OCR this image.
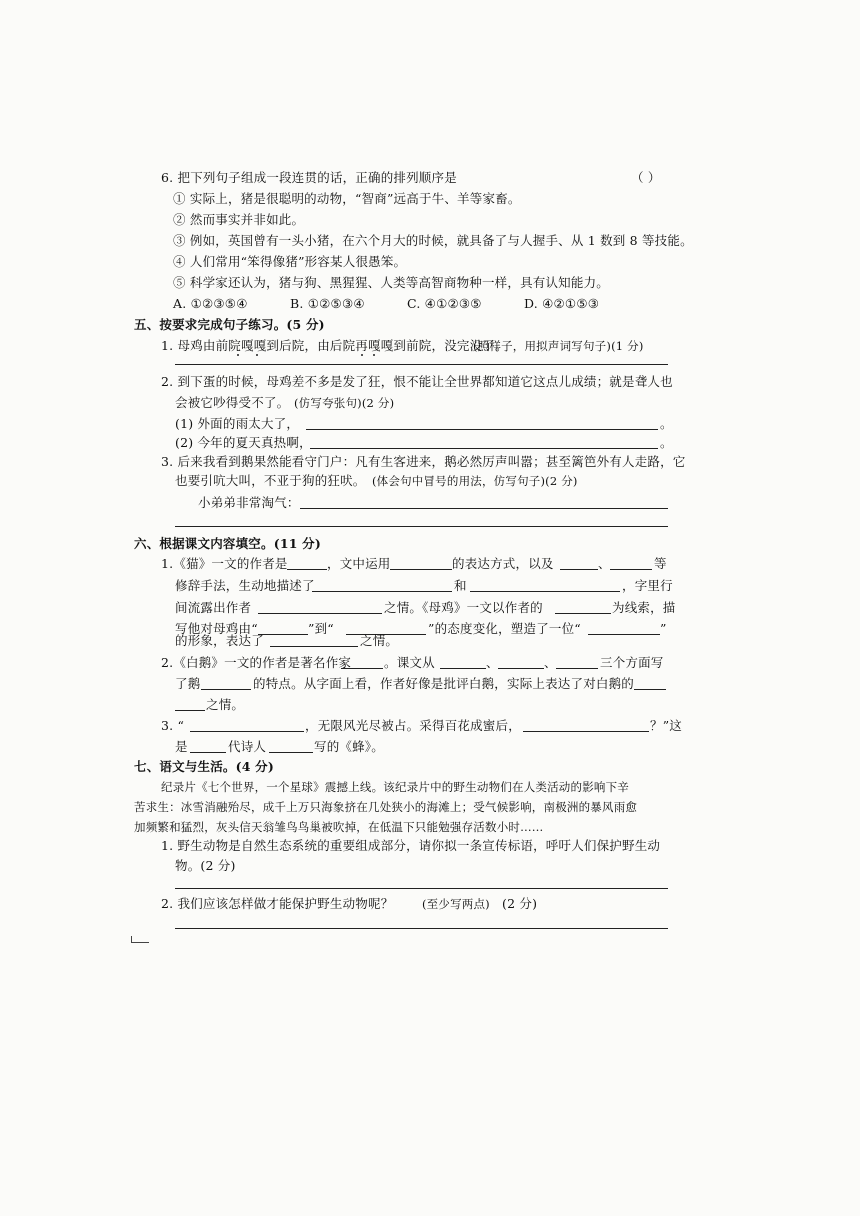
6. 把下列句子组成一段连贯的话，正确的排列顺序是	（ ）
① 实际上，猪是很聪明的动物，“智商”远高于牛、羊等家畜。
② 然而事实并非如此。
③ 例如，英国曾有一头小猪，在六个月大的时候，就具备了与人握手、从 1 数到 8 等技能。
④ 人们常用“笨得像猪”形容某人很愚笨。
⑤ 科学家还认为，猪与狗、黑猩猩、人类等高智商物种一样，具有认知能力。
A. ①②③⑤④	B. ①②⑤③④	C. ④①②③⑤	D. ④②①⑤③
五、按要求完成句子练习。(5 分)
1. 母鸡由前院嘎嘎到后院，由后院再嘎嘎到前院，没完没了。
(照样子，用拟声词写句子)(1 分)
2. 到下蛋的时候，母鸡差不多是发了狂，恨不能让全世界都知道它这点儿成绩；就是聋人也
会被它吵得受不了。 (仿写夸张句)(2 分)
(1) 外面的雨太大了，	。
(2) 今年的夏天真热啊，	。
3. 后来我看到鹅果然能看守门户：凡有生客进来，鹅必然厉声叫嚣；甚至篱笆外有人走路，它
也要引吭大叫，不亚于狗的狂吠。 (体会句中冒号的用法，仿写句子)(2 分)
小弟弟非常淘气：
六、根据课文内容填空。(11 分)
1.《猫》一文的作者是	，文中运用	的表达方式，以及	、	等
修辞手法，生动地描述了	和	，字里行
间流露出作者	之情。《母鸡》一文以作者的	为线索，描
写他对母鸡由“	”到“	”的态度变化，塑造了一位“	”
的形象，表达了	之情。
2.《白鹅》一文的作者是著名作家	。课文从	、	、	三个方面写
了鹅	的特点。从字面上看，作者好像是批评白鹅，实际上表达了对白鹅的
之情。
3. “	，无限风光尽被占。采得百花成蜜后，	？”这
是	代诗人	写的《蜂》。
七、语文与生活。(4 分)
纪录片《七个世界，一个星球》震撼上线。该纪录片中的野生动物们在人类活动的影响下辛
苦求生：冰雪消融殆尽，成千上万只海象挤在几处狭小的海滩上；受气候影响，南极洲的暴风雨愈
加频繁和猛烈，灰头信天翁雏鸟鸟巢被吹掉，在低温下只能勉强存活数小时……
1. 野生动物是自然生态系统的重要组成部分，请你拟一条宣传标语，呼吁人们保护野生动
物。(2 分)
2. 我们应该怎样做才能保护野生动物呢？ (至少写两点) (2 分)
